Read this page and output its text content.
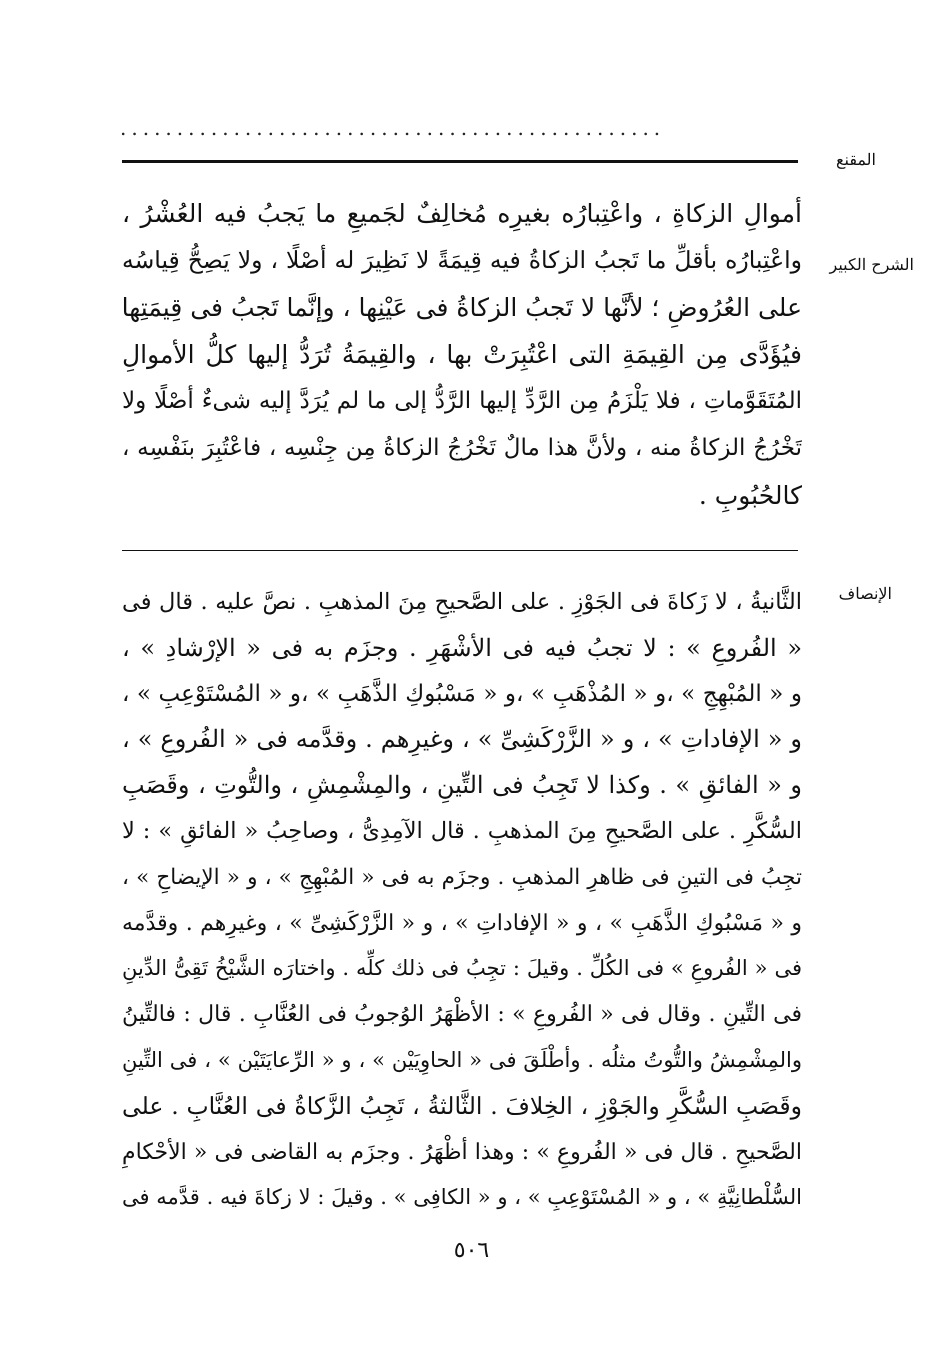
................................................
المقنع
الشرح الكبير
أموالِ الزكاةِ ، واعْتِبارُه بغيرِه مُخالِفٌ لجَميعِ ما يَجبُ فيه العُشْرُ ،
واعْتِبارُه بأقلِّ ما تَجبُ الزكاةُ فيه قِيمَةً لا نَظِيرَ له أصْلًا ، ولا يَصِحُّ قِياسُه
على العُرُوضِ ؛ لأنَّها لا تَجبُ الزكاةُ فى عَيْنِها ، وإنَّما تَجبُ فى قِيمَتِها
فيُؤَدَّى مِن القِيمَةِ التى اعْتُبِرَتْ بها ، والقِيمَةُ تُرَدُّ إليها كلُّ الأموالِ
المُتَقَوَّماتِ ، فلا يَلْزَمُ مِن الرَّدِّ إليها الرَّدُّ إلى ما لم يُرَدَّ إليه شىءٌ أصْلًا ولا
تَخْرُجُ الزكاةُ منه ، ولأنَّ هذا مالٌ تَخْرُجُ الزكاةُ مِن جِنْسِه ، فاعْتُبِرَ بنَفْسِه ،
كالحُبُوبِ .
الإنصاف
الثَّانيةُ ، لا زَكاةَ فى الجَوْزِ . على الصَّحيحِ مِنَ المذهبِ . نصَّ عليه . قال فى
« الفُروعِ » : لا تجبُ فيه فى الأشْهَرِ . وجزَم به فى « الإرْشادِ » ،
و « المُبْهِجِ » ،و « المُذْهَبِ » ،و « مَسْبُوكِ الذَّهَبِ » ،و « المُسْتَوْعِبِ » ،
و « الإفاداتِ » ، و « الزَّرْكَشِىِّ » ، وغيرِهم . وقدَّمه فى « الفُروعِ » ،
و « الفائقِ » . وكذا لا تَجِبُ فى التِّينِ ، والمِشْمِشِ ، والتُّوتِ ، وقَصَبِ
السُّكَّرِ . على الصَّحيحِ مِنَ المذهبِ . قال الآمِدِىُّ ، وصاحِبُ « الفائقِ » : لا
تجِبُ فى التينِ فى ظاهرِ المذهبِ . وجزَم به فى « المُبْهِجِ » ، و « الإيضاحِ » ،
و « مَسْبُوكِ الذَّهَبِ » ، و « الإفاداتِ » ، و « الزَّرْكَشِىِّ » ، وغيرِهم . وقدَّمه
فى « الفُروعِ » فى الكُلِّ . وقيلَ : تجِبُ فى ذلك كلِّه . واختارَه الشَّيْخُ تَقِىُّ الدِّينِ
فى التِّينِ . وقال فى « الفُروعِ » : الأظْهَرُ الوُجوبُ فى العُنَّابِ . قال : فالتِّينُ
والمِشْمِشُ والتُّوتُ مثلُه . وأطْلَقَ فى « الحاوِيَيْن » ، و « الرِّعايَتَيْن » ، فى التِّينِ
وقَصَبِ السُّكَّرِ والجَوْزِ ، الخِلافَ . الثَّالثةُ ، تَجِبُ الزَّكاةُ فى العُنَّابِ . على
الصَّحيحِ . قال فى « الفُروعِ » : وهذا أظْهَرُ . وجزَم به القاضى فى « الأحْكامِ
السُّلْطانِيَّةِ » ، و « المُسْتَوْعِبِ » ، و « الكافِى » . وقيلَ : لا زكاةَ فيه . قدَّمه فى
٥٠٦
